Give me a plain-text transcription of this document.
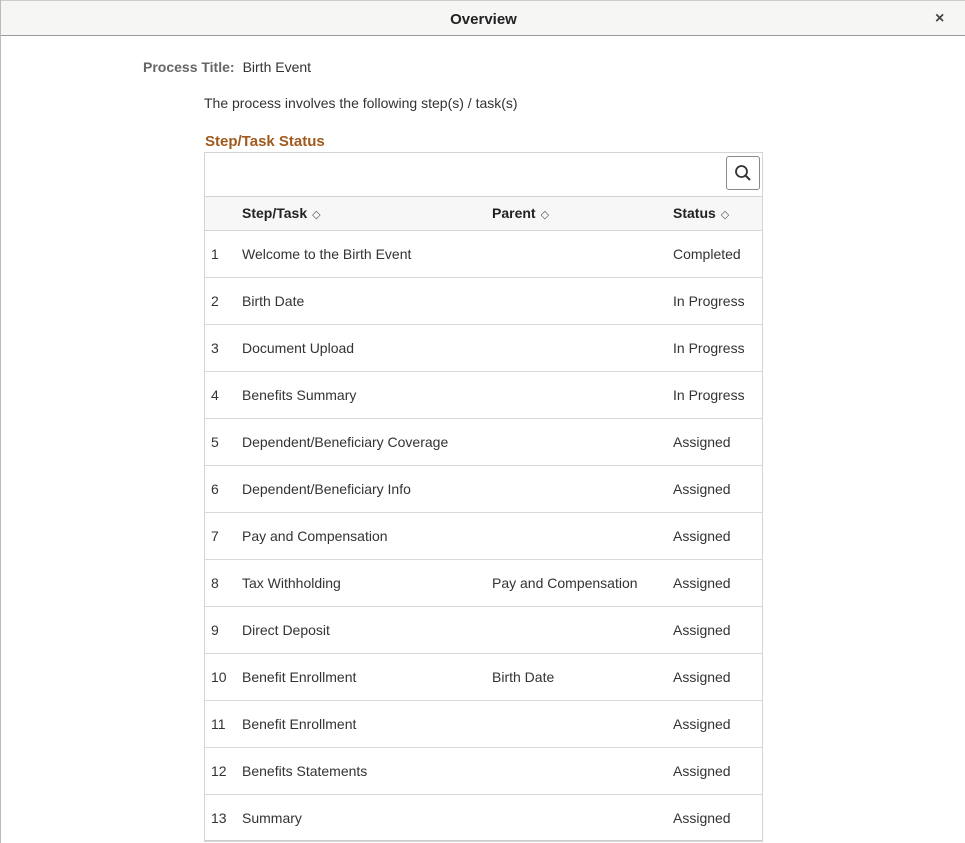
Overview	×
Process Title: Birth Event
The process involves the following step(s) / task(s)
Step/Task Status
Step/Task ◇	Parent ◇	Status ◇
1 Welcome to the Birth Event	Completed
2 Birth Date	In Progress
3 Document Upload	In Progress
4 Benefits Summary	In Progress
5 Dependent/Beneficiary Coverage	Assigned
6 Dependent/Beneficiary Info	Assigned
7 Pay and Compensation	Assigned
8 Tax Withholding	Pay and Compensation	Assigned
9 Direct Deposit	Assigned
10 Benefit Enrollment	Birth Date	Assigned
11 Benefit Enrollment	Assigned
12 Benefits Statements	Assigned
13 Summary	Assigned
